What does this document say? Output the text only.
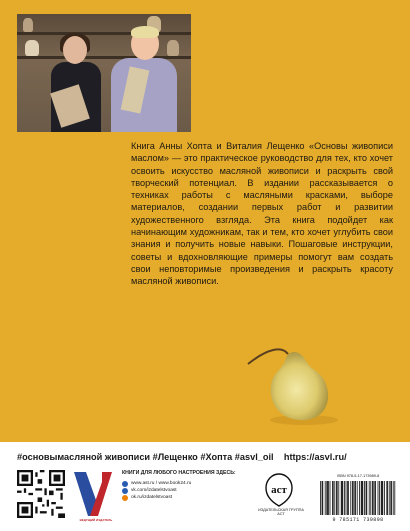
Книга Анны Хопта и Виталия Лещенко «Основы живописи маслом» — это практическое руководство для тех, кто хочет освоить искусство масляной живописи и раскрыть свой творческий потенциал. В издании рассказывается о техниках работы с масляными красками, выборе материалов, создании первых работ и развитии художественного взгляда. Эта книга подойдет как начинающим художникам, так и тем, кто хочет углубить свои знания и получить новые навыки. Пошаговые инструкции, советы и вдохновляющие примеры помогут вам создать свои неповторимые произведения и раскрыть красоту масляной живописи.

#основымасляной живописи #Лещенко #Хопта #asvl_oil https://asvl.ru/
ВЕДУЩИЙ ИЗДАТЕЛЬ

КНИГИ ДЛЯ ЛЮБОГО НАСТРОЕНИЯ ЗДЕСЬ:

www.ast.ru / www.book24.ru
vk.com/izdatelstvoast
ok.ru/izdatelstvoast
аст
ИЗДАТЕЛЬСКАЯ ГРУППА АСТ
ISBN 978-5-17-173989-8
9 785171 739898
